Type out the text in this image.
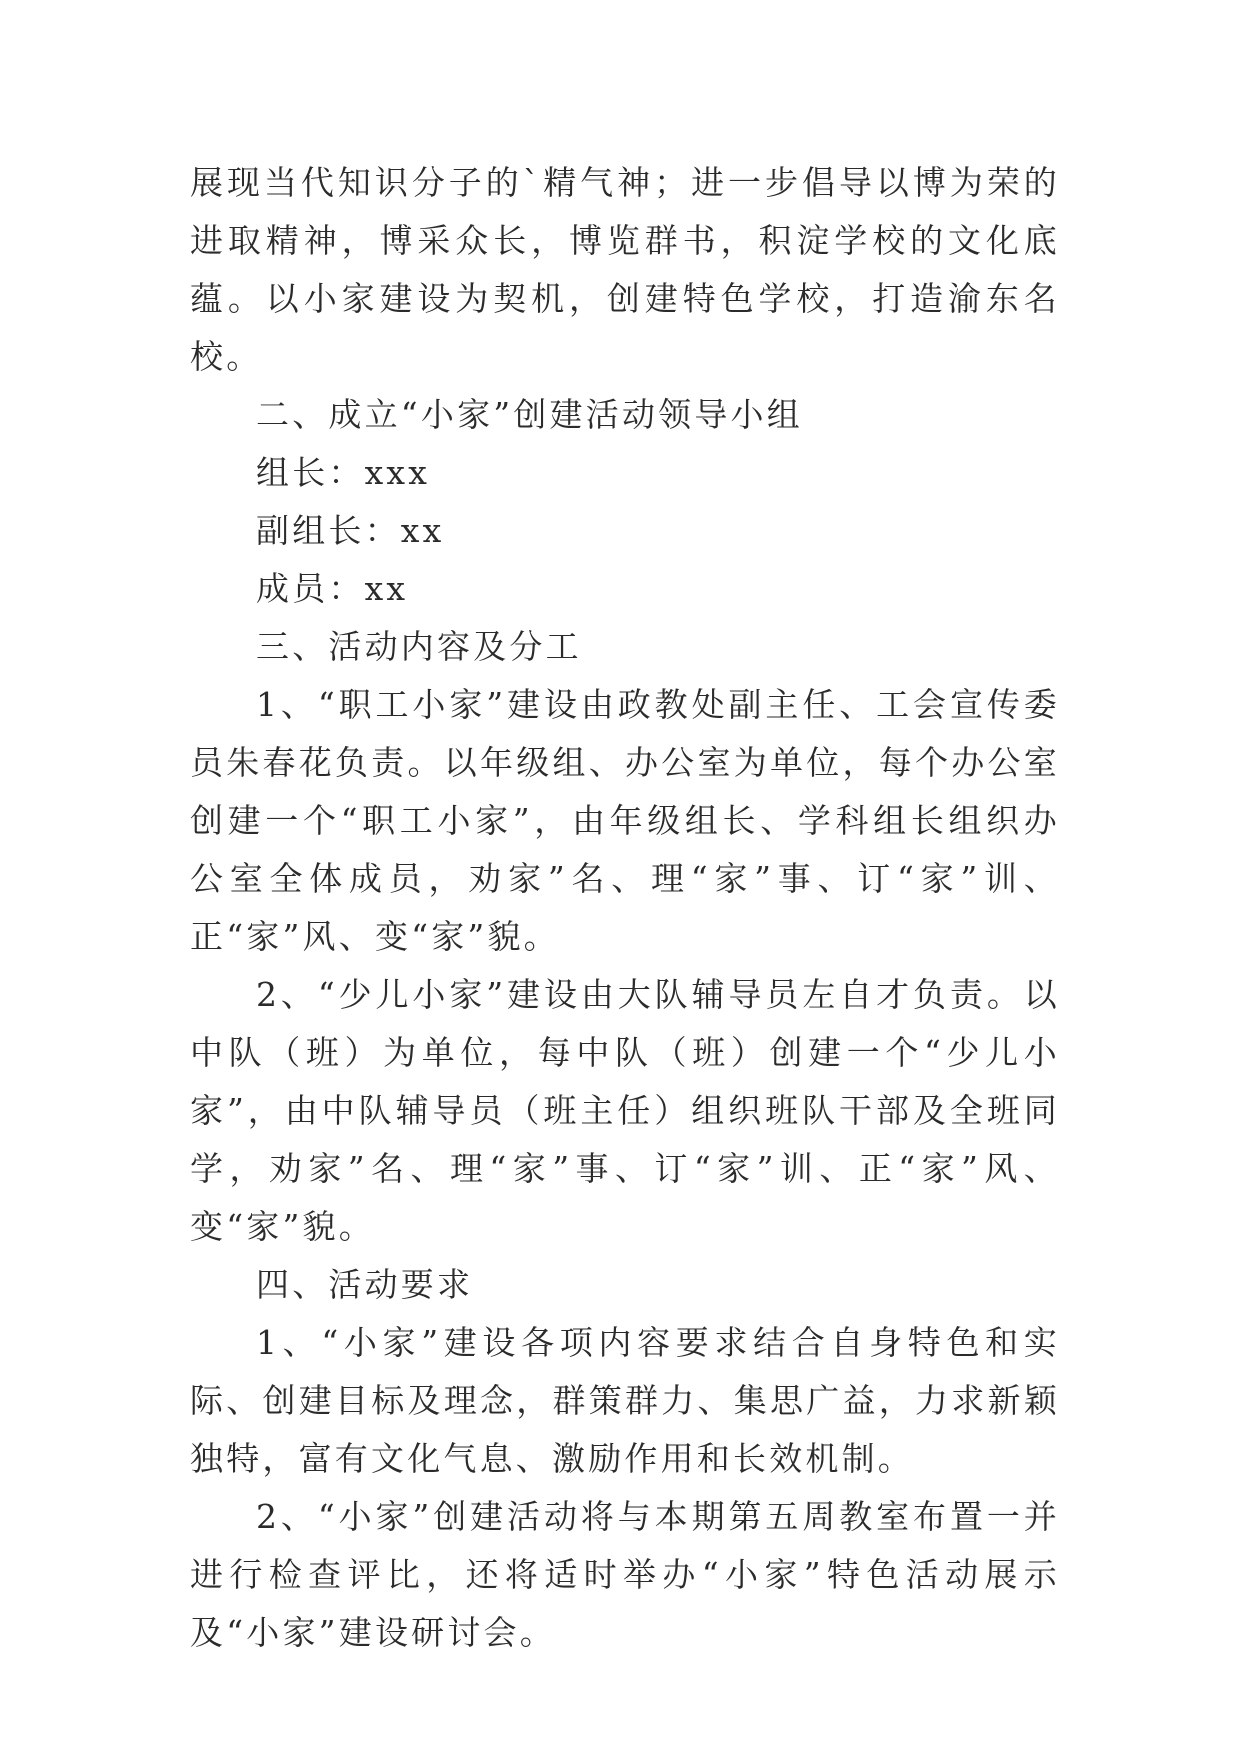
展现当代知识分子的`精气神；进一步倡导以博为荣的进取精神，博采众长，博览群书，积淀学校的文化底蕴。以小家建设为契机，创建特色学校，打造渝东名校。

二、成立“小家”创建活动领导小组

组长：xxx

副组长：xx

成员：xx

三、活动内容及分工

1、“职工小家”建设由政教处副主任、工会宣传委员朱春花负责。以年级组、办公室为单位，每个办公室创建一个“职工小家”，由年级组长、学科组长组织办公室全体成员，劝家”名、理“家”事、订“家”训、正“家”风、变“家”貌。

2、“少儿小家”建设由大队辅导员左自才负责。以中队（班）为单位，每中队（班）创建一个“少儿小家”，由中队辅导员（班主任）组织班队干部及全班同学，劝家”名、理“家”事、订“家”训、正“家”风、变“家”貌。

四、活动要求

1、“小家”建设各项内容要求结合自身特色和实际、创建目标及理念，群策群力、集思广益，力求新颖独特，富有文化气息、激励作用和长效机制。

2、“小家”创建活动将与本期第五周教室布置一并进行检查评比，还将适时举办“小家”特色活动展示及“小家”建设研讨会。
